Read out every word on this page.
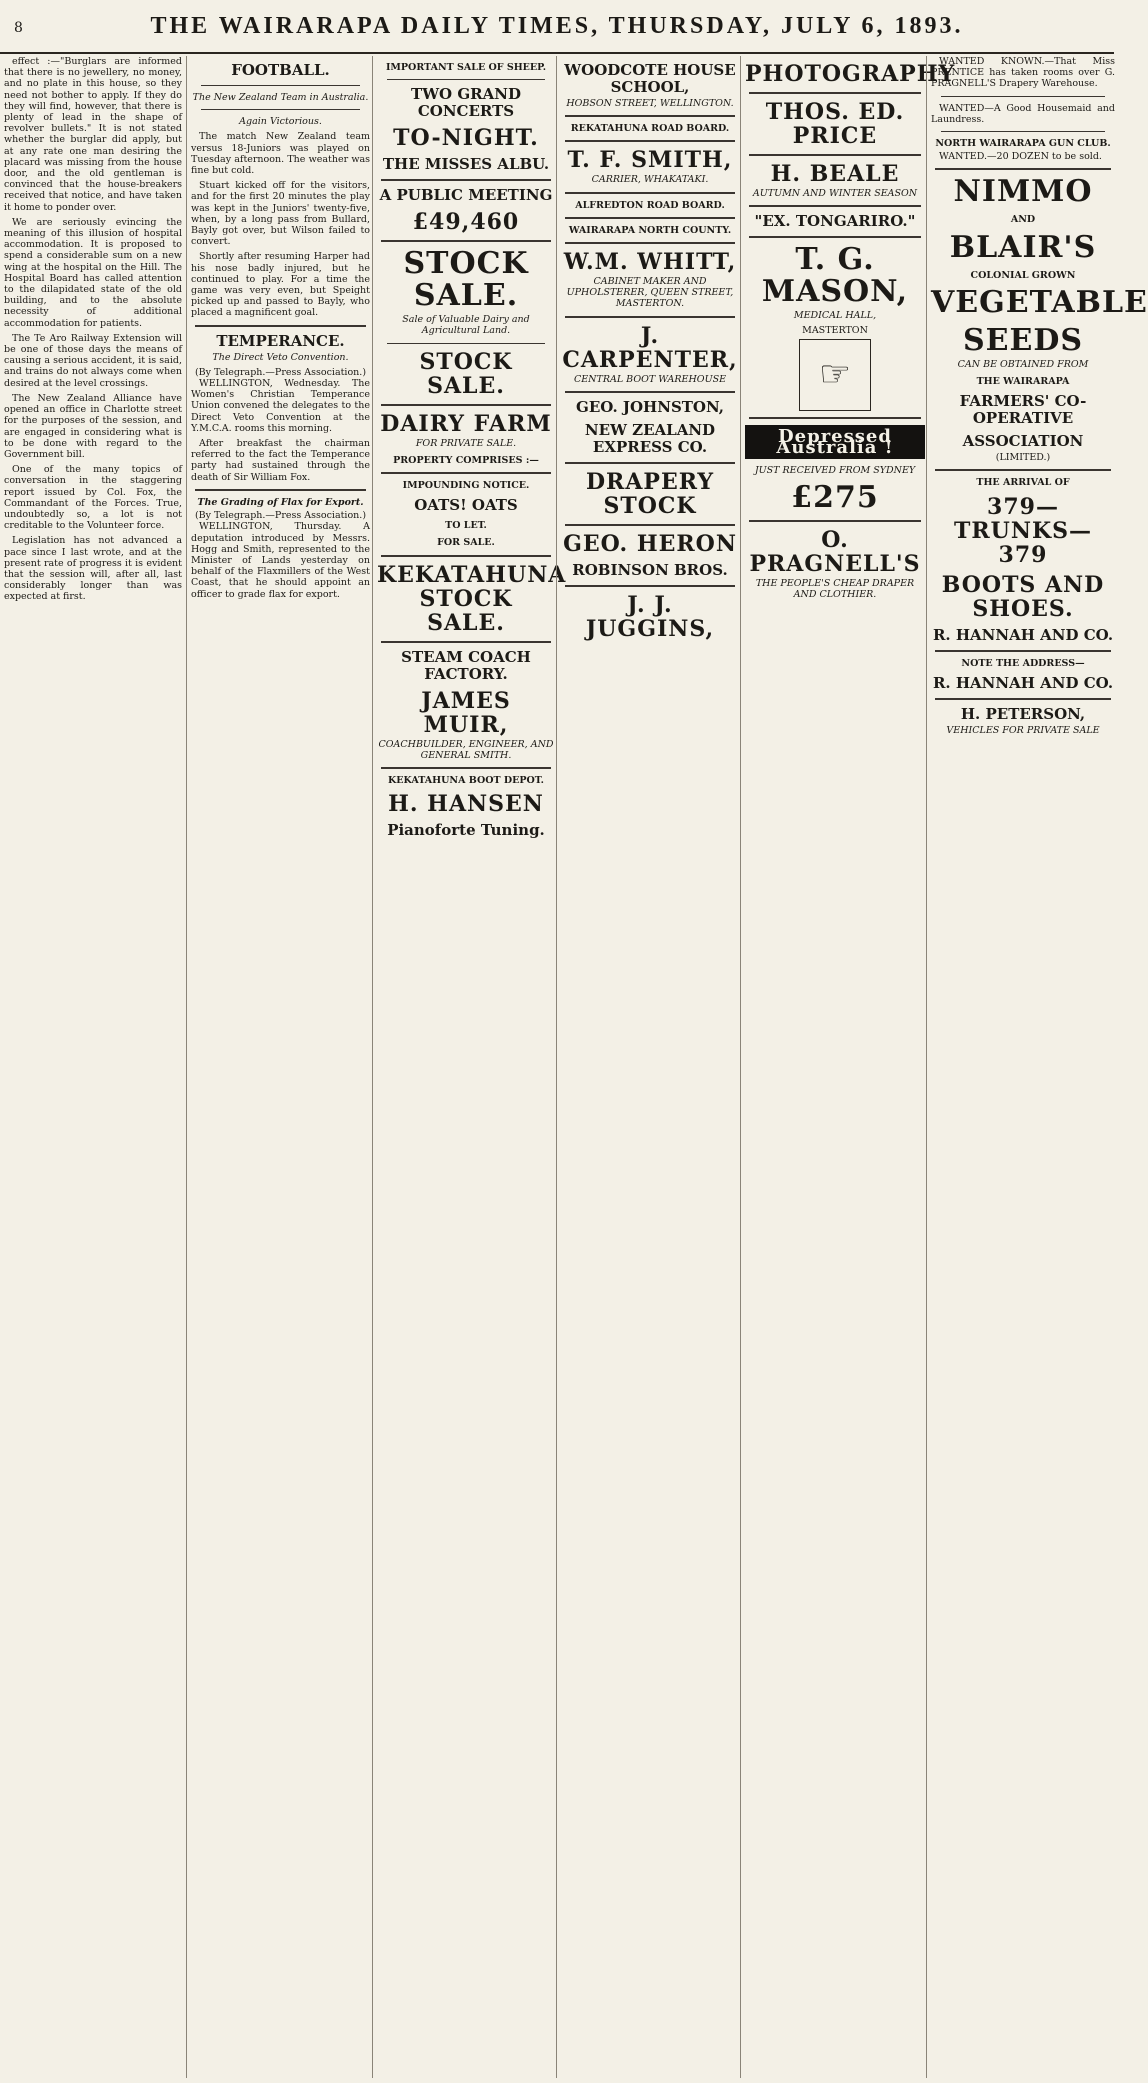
8	THE WAIRARAPA DAILY TIMES, THURSDAY, JULY 6, 1893.

effect :—"Burglars are informed that there is no jewellery, no money, and no plate in this house, so they need not bother to apply. If they do they will find, however, that there is plenty of lead in the shape of revolver bullets." It is not stated whether the burglar did apply, but at any rate one man desiring the placard was missing from the house door, and the old gentleman is convinced that the house-breakers received that notice, and have taken it home to ponder over.

We are seriously evincing the meaning of this illusion of hospital accommodation. It is proposed to spend a considerable sum on a new wing at the hospital on the Hill. The Hospital Board has called attention to the dilapidated state of the old building, and to the absolute necessity of additional accommodation for patients.

The Te Aro Railway Extension will be one of those days the means of causing a serious accident, it is said, and trains do not always come when desired at the level crossings.

The New Zealand Alliance have opened an office in Charlotte street for the purposes of the session, and are engaged in considering what is to be done with regard to the Government bill.

One of the many topics of conversation in the staggering report issued by Col. Fox, the Commandant of the Forces. True, undoubtedly so, a lot is not creditable to the Volunteer force.

Legislation has not advanced a pace since I last wrote, and at the present rate of progress it is evident that the session will, after all, last considerably longer than was expected at first.

FOOTBALL.
The New Zealand Team in Australia.
Again Victorious.

The match New Zealand team versus 18-Juniors was played on Tuesday afternoon. The weather was fine but cold.

Stuart kicked off for the visitors, and for the first 20 minutes the play was kept in the Juniors' twenty-five, when, by a long pass from Bullard, Bayly got over, but Wilson failed to convert.

Shortly after resuming Harper had his nose badly injured, but he continued to play. For a time the game was very even, but Speight picked up and passed to Bayly, who placed a magnificent goal.

TEMPERANCE.
The Direct Veto Convention.
(By Telegraph.—Press Association.)

WELLINGTON, Wednesday. The Women's Christian Temperance Union convened the delegates to the Direct Veto Convention at the Y.M.C.A. rooms this morning.

After breakfast the chairman referred to the fact the Temperance party had sustained through the death of Sir William Fox.

The Grading of Flax for Export.
(By Telegraph.—Press Association.)

WELLINGTON, Thursday. A deputation introduced by Messrs. Hogg and Smith, represented to the Minister of Lands yesterday on behalf of the Flaxmillers of the West Coast, that he should appoint an officer to grade flax for export.

IMPORTANT SALE OF SHEEP.
TWO GRAND CONCERTS
TO-NIGHT.
THE MISSES ALBU.
A PUBLIC MEETING
£49,460
STOCK SALE.
Sale of Valuable Dairy and Agricultural Land.
STOCK SALE.
DAIRY FARM
FOR PRIVATE SALE.
PROPERTY COMPRISES :—
IMPOUNDING NOTICE.
OATS! OATS
TO LET.
FOR SALE.
KEKATAHUNA STOCK SALE.
STEAM COACH FACTORY.
JAMES MUIR,
COACHBUILDER, ENGINEER, AND GENERAL SMITH.
KEKATAHUNA BOOT DEPOT.
H. HANSEN
Pianoforte Tuning.
WOODCOTE HOUSE SCHOOL,
HOBSON STREET, WELLINGTON.
REKATAHUNA ROAD BOARD.
T. F. SMITH,
CARRIER, WHAKATAKI.
ALFREDTON ROAD BOARD.
WAIRARAPA NORTH COUNTY.
W.M. WHITT,
CABINET MAKER AND UPHOLSTERER, QUEEN STREET, MASTERTON.
J. CARPENTER,
CENTRAL BOOT WAREHOUSE
GEO. JOHNSTON,
NEW ZEALAND EXPRESS CO.
DRAPERY STOCK
GEO. HERON
ROBINSON BROS.
J. J. JUGGINS,
PHOTOGRAPHY
THOS. ED. PRICE
H. BEALE
AUTUMN AND WINTER SEASON
"EX. TONGARIRO."
T. G. MASON,
MEDICAL HALL,
MASTERTON
☞
Depressed Australia !
JUST RECEIVED FROM SYDNEY
£275
O. PRAGNELL'S
THE PEOPLE'S CHEAP DRAPER AND CLOTHIER.

WANTED KNOWN.—That Miss PRENTICE has taken rooms over G. PRAGNELL'S Drapery Warehouse.

WANTED—A Good Housemaid and Laundress.

NORTH WAIRARAPA GUN CLUB.

WANTED.—20 DOZEN to be sold.

NIMMO
AND
BLAIR'S
COLONIAL GROWN
VEGETABLE
SEEDS
CAN BE OBTAINED FROM
THE WAIRARAPA
FARMERS' CO-OPERATIVE
ASSOCIATION
(LIMITED.)
THE ARRIVAL OF
379—TRUNKS—379
BOOTS AND SHOES.
R. HANNAH AND CO.
NOTE THE ADDRESS—
R. HANNAH AND CO.
H. PETERSON,
VEHICLES FOR PRIVATE SALE
